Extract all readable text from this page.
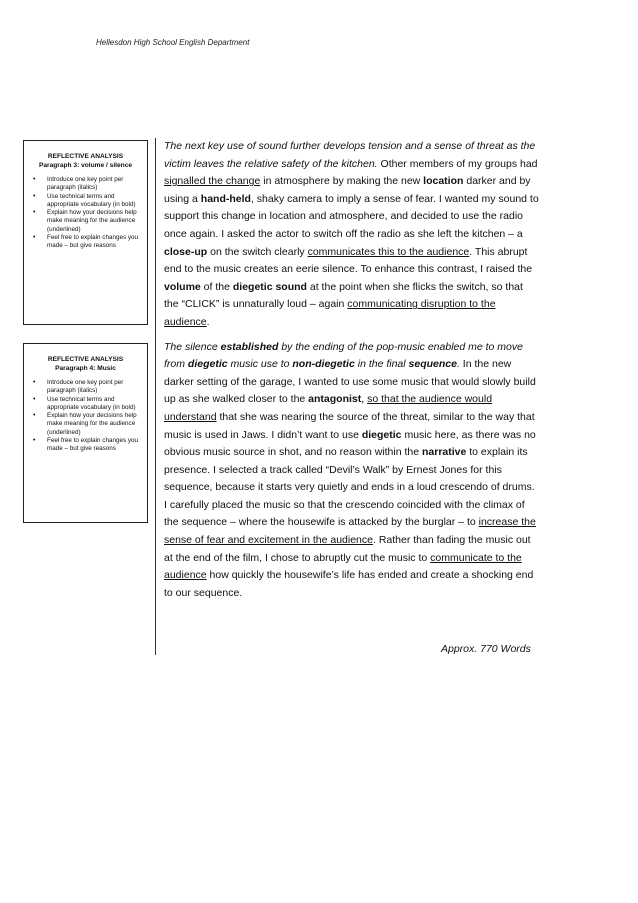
Hellesdon High School English Department
REFLECTIVE ANALYSIS
Paragraph 3: volume / silence
• Introduce one key point per paragraph (italics)
• Use technical terms and appropriate vocabulary (in bold)
• Explain how your decisions help make meaning for the audience (underlined)
• Feel free to explain changes you made – but give reasons
REFLECTIVE ANALYSIS
Paragraph 4: Music
• Introduce one key point per paragraph (italics)
• Use technical terms and appropriate vocabulary (in bold)
• Explain how your decisions help make meaning for the audience (underlined)
• Feel free to explain changes you made – but give reasons

The next key use of sound further develops tension and a sense of threat as the victim leaves the relative safety of the kitchen. Other members of my groups had signalled the change in atmosphere by making the new location darker and by using a hand-held, shaky camera to imply a sense of fear. I wanted my sound to support this change in location and atmosphere, and decided to use the radio once again. I asked the actor to switch off the radio as she left the kitchen – a close-up on the switch clearly communicates this to the audience. This abrupt end to the music creates an eerie silence. To enhance this contrast, I raised the volume of the diegetic sound at the point when she flicks the switch, so that the “CLICK” is unnaturally loud – again communicating disruption to the audience.

The silence established by the ending of the pop-music enabled me to move from diegetic music use to non-diegetic in the final sequence. In the new darker setting of the garage, I wanted to use some music that would slowly build up as she walked closer to the antagonist, so that the audience would understand that she was nearing the source of the threat, similar to the way that music is used in Jaws. I didn’t want to use diegetic music here, as there was no obvious music source in shot, and no reason within the narrative to explain its presence. I selected a track called “Devil’s Walk” by Ernest Jones for this sequence, because it starts very quietly and ends in a loud crescendo of drums. I carefully placed the music so that the crescendo coincided with the climax of the sequence – where the housewife is attacked by the burglar – to increase the sense of fear and excitement in the audience. Rather than fading the music out at the end of the film, I chose to abruptly cut the music to communicate to the audience how quickly the housewife’s life has ended and create a shocking end to our sequence.

Approx. 770 Words
